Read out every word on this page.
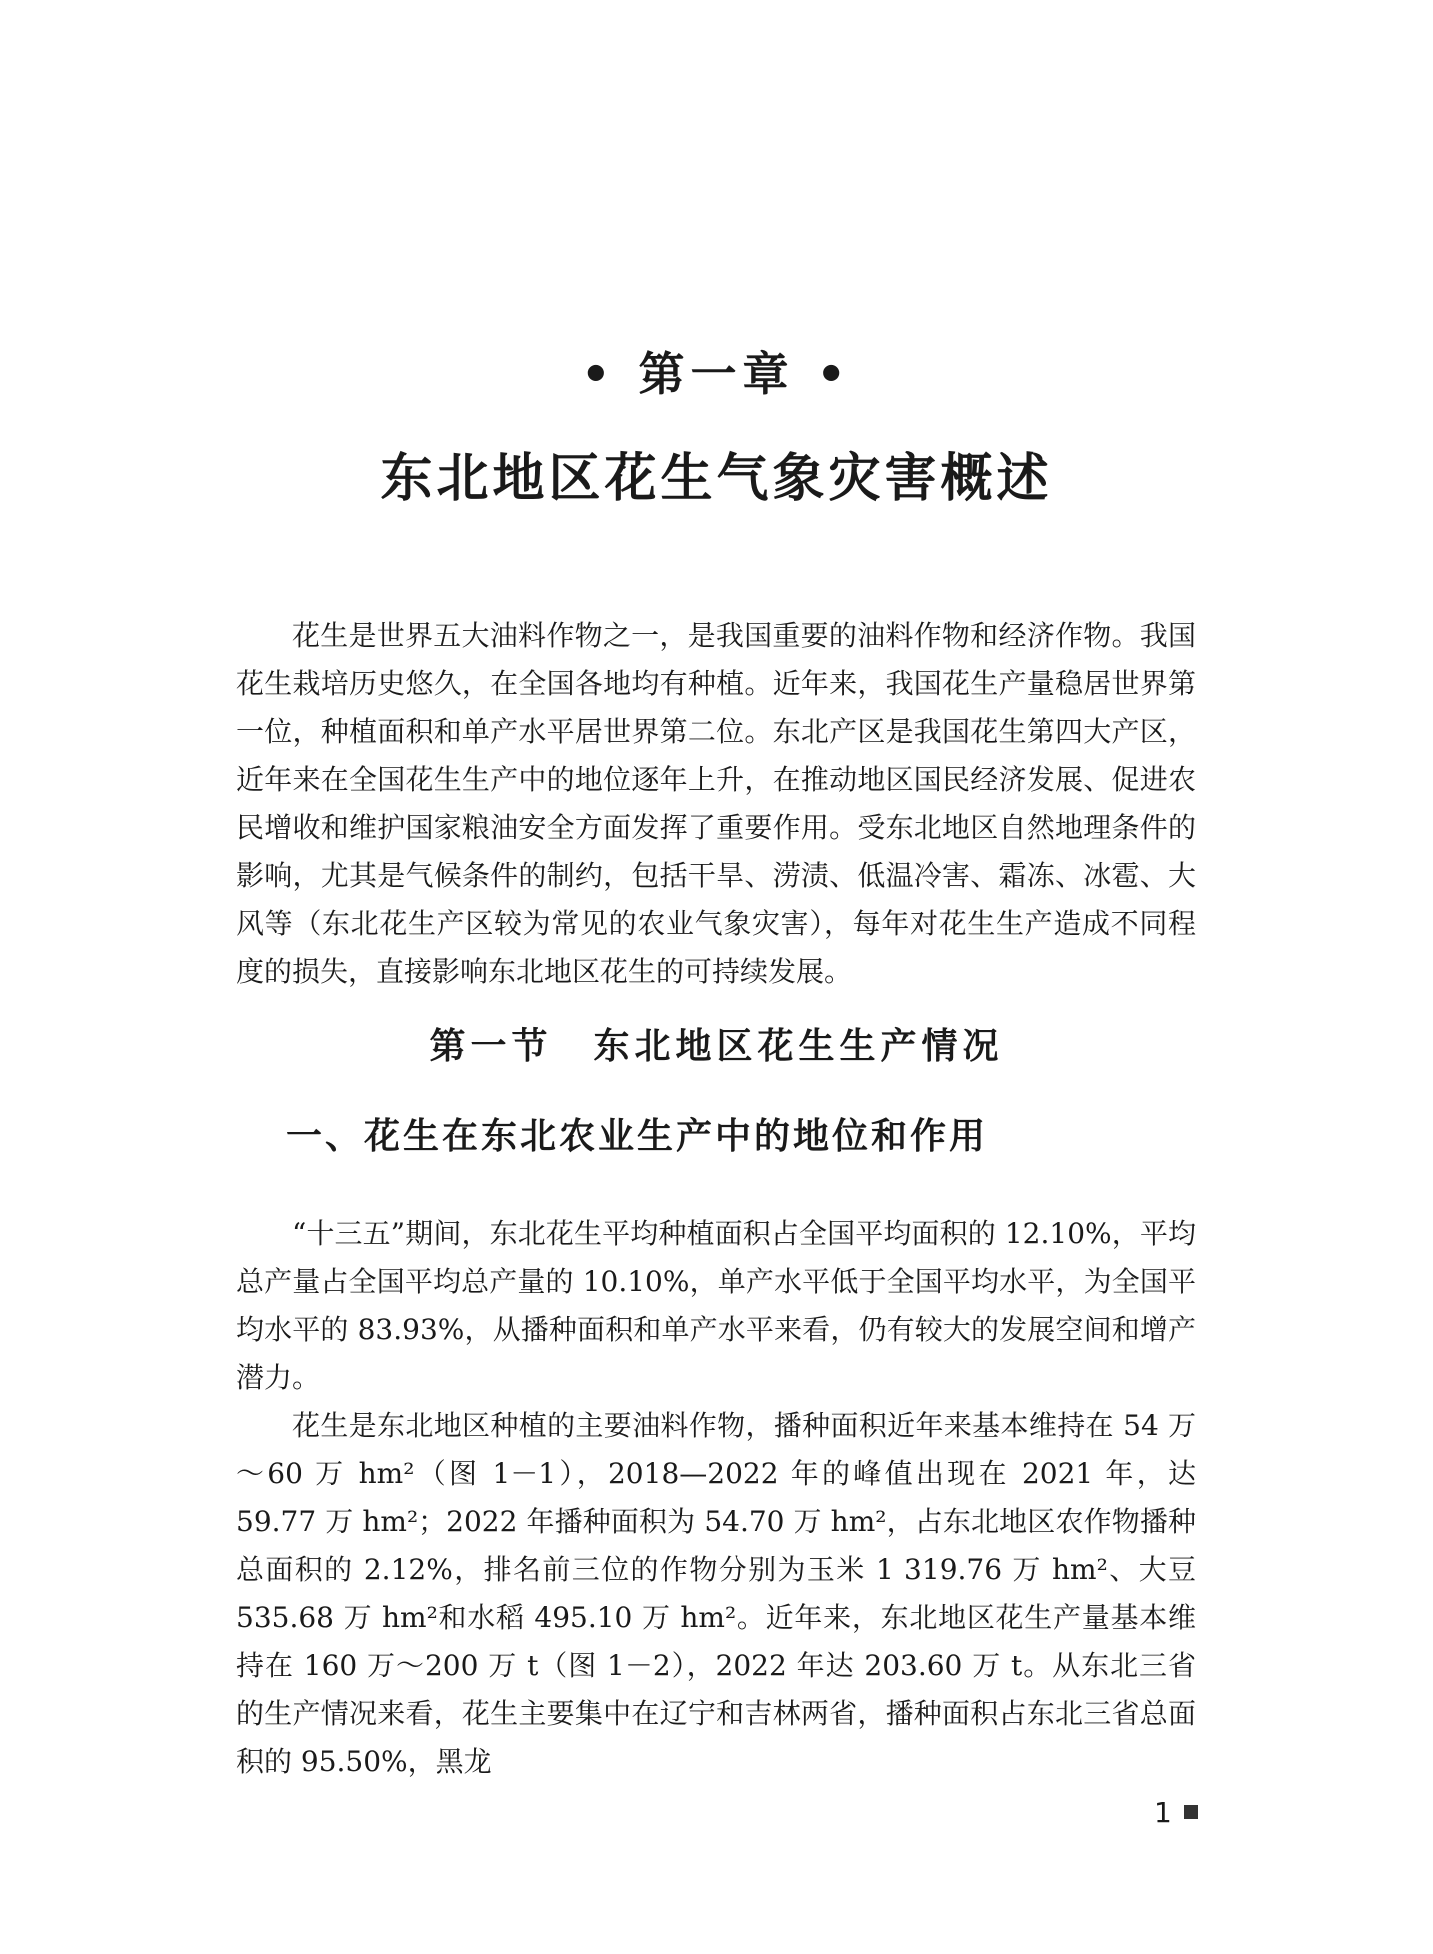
• 第一章 •
东北地区花生气象灾害概述

花生是世界五大油料作物之一，是我国重要的油料作物和经济作物。我国花生栽培历史悠久，在全国各地均有种植。近年来，我国花生产量稳居世界第一位，种植面积和单产水平居世界第二位。东北产区是我国花生第四大产区，近年来在全国花生生产中的地位逐年上升，在推动地区国民经济发展、促进农民增收和维护国家粮油安全方面发挥了重要作用。受东北地区自然地理条件的影响，尤其是气候条件的制约，包括干旱、涝渍、低温冷害、霜冻、冰雹、大风等（东北花生产区较为常见的农业气象灾害），每年对花生生产造成不同程度的损失，直接影响东北地区花生的可持续发展。

第一节　东北地区花生生产情况
一、花生在东北农业生产中的地位和作用

“十三五”期间，东北花生平均种植面积占全国平均面积的 12.10%，平均总产量占全国平均总产量的 10.10%，单产水平低于全国平均水平，为全国平均水平的 83.93%，从播种面积和单产水平来看，仍有较大的发展空间和增产潜力。

花生是东北地区种植的主要油料作物，播种面积近年来基本维持在 54 万～60 万 hm²（图 1－1），2018—2022 年的峰值出现在 2021 年，达 59.77 万 hm²；2022 年播种面积为 54.70 万 hm²，占东北地区农作物播种总面积的 2.12%，排名前三位的作物分别为玉米 1 319.76 万 hm²、大豆 535.68 万 hm²和水稻 495.10 万 hm²。近年来，东北地区花生产量基本维持在 160 万～200 万 t（图 1－2），2022 年达 203.60 万 t。从东北三省的生产情况来看，花生主要集中在辽宁和吉林两省，播种面积占东北三省总面积的 95.50%，黑龙

1
